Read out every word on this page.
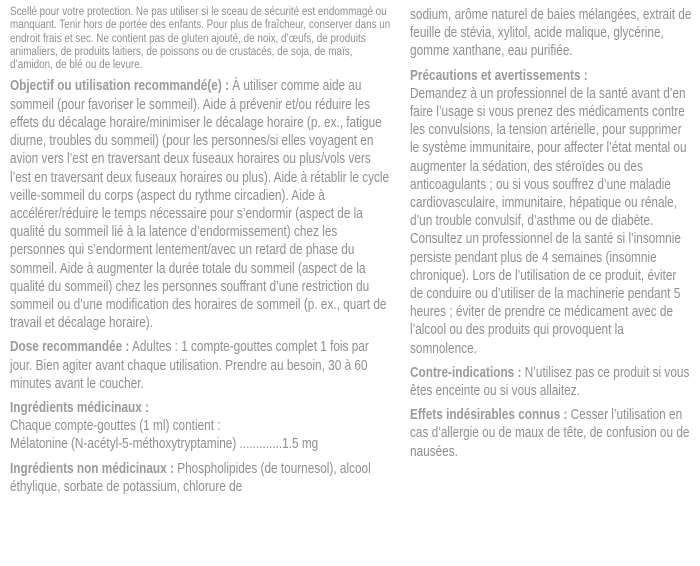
Scellé pour votre protection. Ne pas utiliser si le sceau de sécurité est endommagé ou manquant. Tenir hors de portée des enfants. Pour plus de fraîcheur, conserver dans un endroit frais et sec. Ne contient pas de gluten ajouté, de noix, d’œufs, de produits animaliers, de produits laitiers, de poissons ou de crustacés, de soja, de maïs, d’amidon, de blé ou de levure.

Objectif ou utilisation recommandé(e) : À utiliser comme aide au sommeil (pour favoriser le sommeil). Aide à prévenir et/ou réduire les effets du décalage horaire/minimiser le décalage horaire (p. ex., fatigue diurne, troubles du sommeil) (pour les personnes/si elles voyagent en avion vers l’est en traversant deux fuseaux horaires ou plus/vols vers l’est en traversant deux fuseaux horaires ou plus). Aide à rétablir le cycle veille-sommeil du corps (aspect du rythme circadien). Aide à accélérer/réduire le temps nécessaire pour s’endormir (aspect de la qualité du sommeil lié à la latence d’endormissement) chez les personnes qui s’endorment lentement/avec un retard de phase du sommeil. Aide à augmenter la durée totale du sommeil (aspect de la qualité du sommeil) chez les personnes souffrant d’une restriction du sommeil ou d’une modification des horaires de sommeil (p. ex., quart de travail et décalage horaire).

Dose recommandée : Adultes : 1 compte-gouttes complet 1 fois par jour. Bien agiter avant chaque utilisation. Prendre au besoin, 30 à 60 minutes avant le coucher.

Ingrédients médicinaux :
Chaque compte-gouttes (1 ml) contient :
Mélatonine (N-acétyl-5-méthoxytryptamine) .............1.5 mg

Ingrédients non médicinaux : Phospholipides (de tournesol), alcool éthylique, sorbate de potassium, chlorure de

sodium, arôme naturel de baies mélangées, extrait de feuille de stévia, xylitol, acide malique, glycérine, gomme xanthane, eau purifiée.

Précautions et avertissements :
Demandez à un professionnel de la santé avant d’en faire l’usage si vous prenez des médicaments contre les convulsions, la tension artérielle, pour supprimer le système immunitaire, pour affecter l’état mental ou augmenter la sédation, des stéroïdes ou des anticoagulants ; ou si vous souffrez d’une maladie cardiovasculaire, immunitaire, hépatique ou rénale, d’un trouble convulsif, d’asthme ou de diabète. Consultez un professionnel de la santé si l’insomnie persiste pendant plus de 4 semaines (insomnie chronique). Lors de l’utilisation de ce produit, éviter de conduire ou d’utiliser de la machinerie pendant 5 heures ; éviter de prendre ce médicament avec de l’alcool ou des produits qui provoquent la somnolence.

Contre-indications : N’utilisez pas ce produit si vous êtes enceinte ou si vous allaitez.

Effets indésirables connus : Cesser l’utilisation en cas d’allergie ou de maux de tête, de confusion ou de nausées.
